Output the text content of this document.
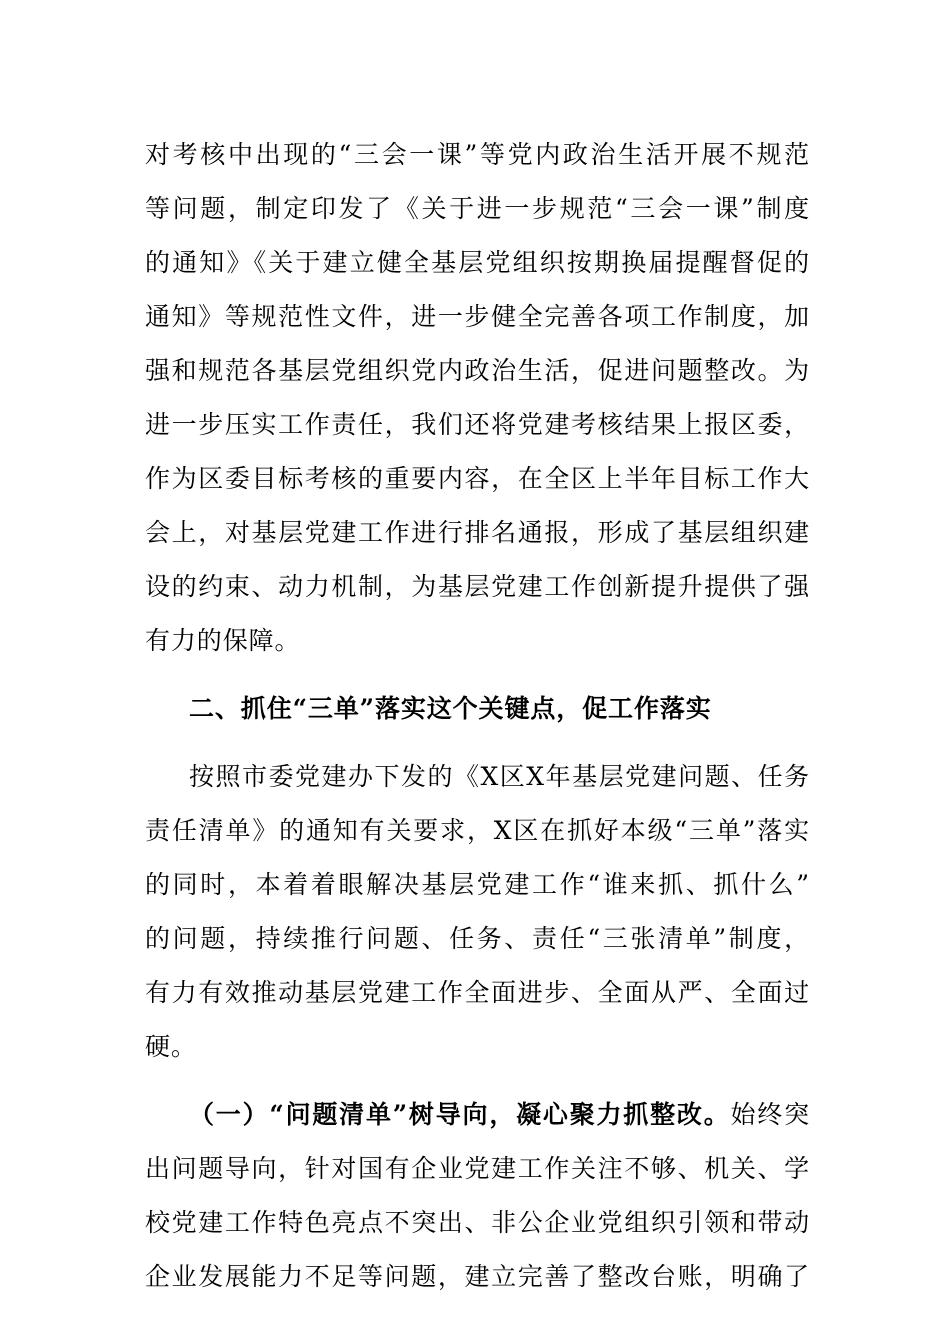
对考核中出现的“三会一课”等党内政治生活开展不规范
等问题，制定印发了《关于进一步规范“三会一课”制度
的通知》《关于建立健全基层党组织按期换届提醒督促的
通知》等规范性文件，进一步健全完善各项工作制度，加
强和规范各基层党组织党内政治生活，促进问题整改。为
进一步压实工作责任，我们还将党建考核结果上报区委，
作为区委目标考核的重要内容，在全区上半年目标工作大
会上，对基层党建工作进行排名通报，形成了基层组织建
设的约束、动力机制，为基层党建工作创新提升提供了强
有力的保障。
二、抓住“三单”落实这个关键点，促工作落实
按照市委党建办下发的《X区X年基层党建问题、任务
责任清单》的通知有关要求，X区在抓好本级“三单”落实
的同时，本着着眼解决基层党建工作“谁来抓、抓什么”
的问题，持续推行问题、任务、责任“三张清单”制度，
有力有效推动基层党建工作全面进步、全面从严、全面过
硬。
（一）“问题清单”树导向，凝心聚力抓整改。始终突
出问题导向，针对国有企业党建工作关注不够、机关、学
校党建工作特色亮点不突出、非公企业党组织引领和带动
企业发展能力不足等问题，建立完善了整改台账，明确了
